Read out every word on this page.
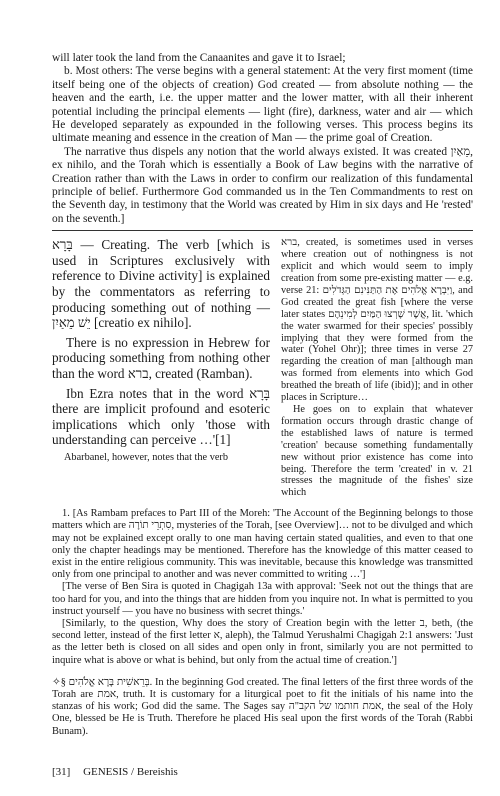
will later took the land from the Canaanites and gave it to Israel;

b. Most others: The verse begins with a general statement: At the very first moment (time itself being one of the objects of creation) God created — from absolute nothing — the heaven and the earth, i.e. the upper matter and the lower matter, with all their inherent potential including the principal elements — light (fire), darkness, water and air — which He developed separately as expounded in the following verses. This process begins its ultimate meaning and essence in the creation of Man — the prime goal of Creation.

The narrative thus dispels any notion that the world always existed. It was created מֵאַיִן, ex nihilo, and the Torah which is essentially a Book of Law begins with the narrative of Creation rather than with the Laws in order to confirm our realization of this fundamental principle of belief. Furthermore God commanded us in the Ten Commandments to rest on the Seventh day, in testimony that the World was created by Him in six days and He 'rested' on the seventh.]

בָּרָא — Creating. The verb [which is used in Scriptures exclusively with reference to Divine activity] is explained by the commentators as referring to producing something out of nothing — יֵשׁ מֵאַיִן [creatio ex nihilo].

There is no expression in Hebrew for producing something from nothing other than the word ברא, created (Ramban).

Ibn Ezra notes that in the word בָּרָא there are implicit profound and esoteric implications which only 'those with understanding can perceive …'[1]

Abarbanel, however, notes that the verb

ברא, created, is sometimes used in verses where creation out of nothingness is not explicit and which would seem to imply creation from some pre-existing matter — e.g. verse 21: וַיִּבְרָא אֱלֹהִים אֶת הַתַּנִּינִם הַגְּדֹלִים, and God created the great fish [where the verse later states אֲשֶׁר שָׁרְצוּ הַמַּיִם לְמִינֵהֶם, lit. 'which the water swarmed for their species' possibly implying that they were formed from the water (Yohel Ohr)]; three times in verse 27 regarding the creation of man [although man was formed from elements into which God breathed the breath of life (ibid)]; and in other places in Scripture…

He goes on to explain that whatever formation occurs through drastic change of the established laws of nature is termed 'creation' because something fundamentally new without prior existence has come into being. Therefore the term 'created' in v. 21 stresses the magnitude of the fishes' size which

1. [As Rambam prefaces to Part III of the Moreh: 'The Account of the Beginning belongs to those matters which are סִתְרֵי תוֹרָה, mysteries of the Torah, [see Overview]… not to be divulged and which may not be explained except orally to one man having certain stated qualities, and even to that one only the chapter headings may be mentioned. Therefore has the knowledge of this matter ceased to exist in the entire religious community. This was inevitable, because this knowledge was transmitted only from one principal to another and was never committed to writing …']

[The verse of Ben Sira is quoted in Chagigah 13a with approval: 'Seek not out the things that are too hard for you, and into the things that are hidden from you inquire not. In what is permitted to you instruct yourself — you have no business with secret things.'

[Similarly, to the question, Why does the story of Creation begin with the letter ב, beth, (the second letter, instead of the first letter א, aleph), the Talmud Yerushalmi Chagigah 2:1 answers: 'Just as the letter beth is closed on all sides and open only in front, similarly you are not permitted to inquire what is above or what is behind, but only from the actual time of creation.']

✧§ בְּרֵאשִׁית בָּרָא אֱלֹהִים. In the beginning God created. The final letters of the first three words of the Torah are אמת, truth. It is customary for a liturgical poet to fit the initials of his name into the stanzas of his work; God did the same. The Sages say אמת חותמו של הקב"ה, the seal of the Holy One, blessed be He is Truth. Therefore he placed His seal upon the first words of the Torah (Rabbi Bunam).

[31] GENESIS / Bereishis
